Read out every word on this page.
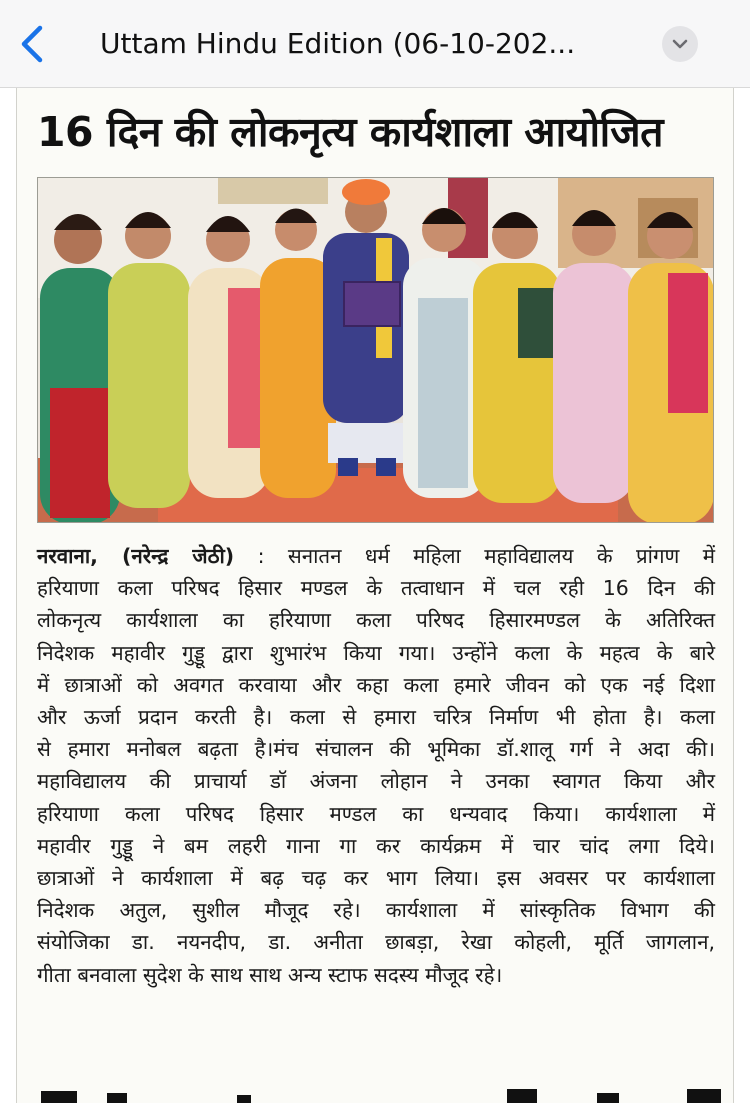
Uttam Hindu Edition (06-10-202...
16 दिन की लोकनृत्य कार्यशाला आयोजित
नरवाना, (नरेन्द्र जेठी) : सनातन धर्म महिला महाविद्यालय के प्रांगण में
हरियाणा कला परिषद हिसार मण्डल के तत्वाधान में चल रही 16 दिन की
लोकनृत्य कार्यशाला का हरियाणा कला परिषद हिसारमण्डल के अतिरिक्त
निदेशक महावीर गुड्डू द्वारा शुभारंभ किया गया। उन्होंने कला के महत्व के बारे
में छात्राओं को अवगत करवाया और कहा कला हमारे जीवन को एक नई दिशा
और ऊर्जा प्रदान करती है। कला से हमारा चरित्र निर्माण भी होता है। कला
से हमारा मनोबल बढ़ता है।मंच संचालन की भूमिका डॉ.शालू गर्ग ने अदा की।
महाविद्यालय की प्राचार्या डॉ अंजना लोहान ने उनका स्वागत किया और
हरियाणा कला परिषद हिसार मण्डल का धन्यवाद किया। कार्यशाला में
महावीर गुड्डू ने बम लहरी गाना गा कर कार्यक्रम में चार चांद लगा दिये।
छात्राओं ने कार्यशाला में बढ़ चढ़ कर भाग लिया। इस अवसर पर कार्यशाला
निदेशक अतुल, सुशील मौजूद रहे। कार्यशाला में सांस्कृतिक विभाग की
संयोजिका डा. नयनदीप, डा. अनीता छाबड़ा, रेखा कोहली, मूर्ति जागलान,
गीता बनवाला सुदेश के साथ साथ अन्य स्टाफ सदस्य मौजूद रहे।
